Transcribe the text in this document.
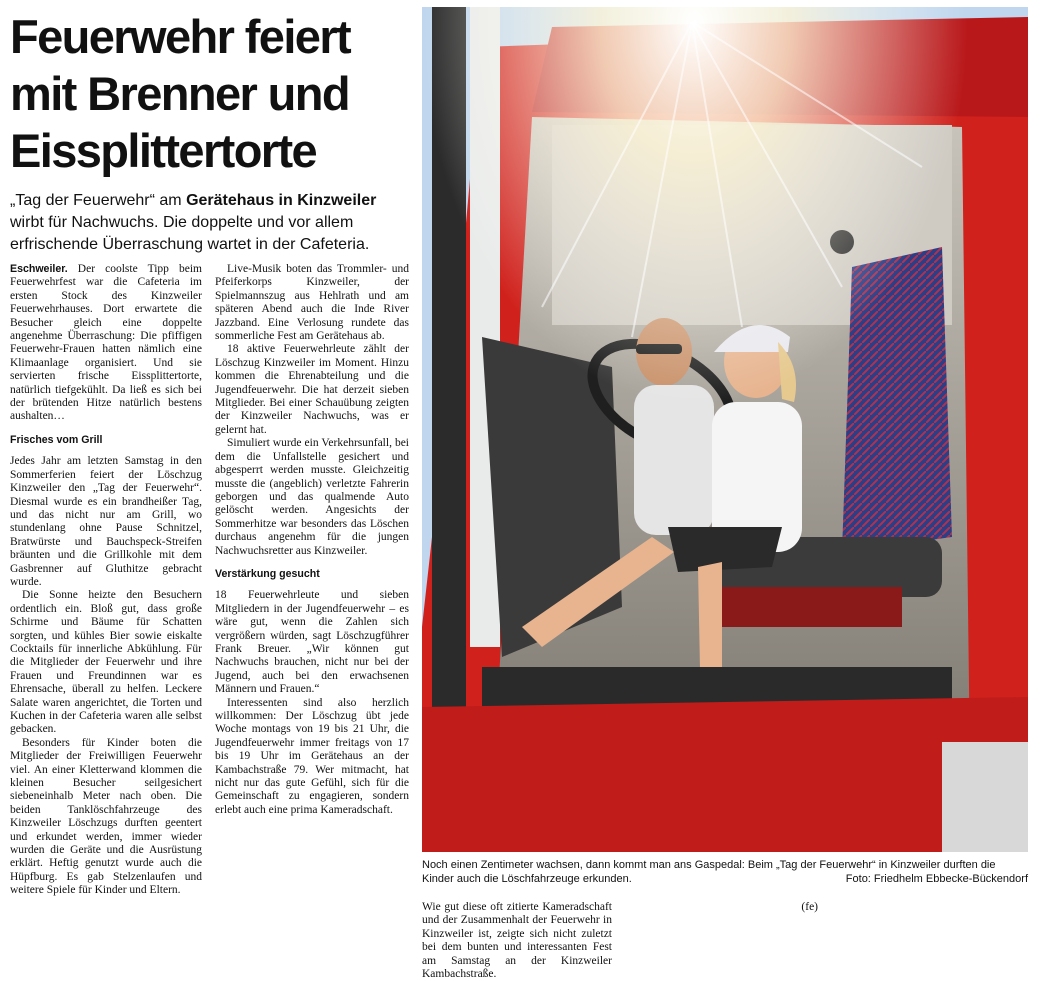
Feuerwehr feiert
mit Brenner und
Eissplittertorte

„Tag der Feuerwehr“ am Gerätehaus in Kinzweiler wirbt für Nachwuchs. Die doppelte und vor allem erfrischende Überraschung wartet in der Cafeteria.

Eschweiler. Der coolste Tipp beim Feuerwehrfest war die Cafeteria im ersten Stock des Kinzweiler Feuerwehrhauses. Dort erwartete die Besucher gleich eine doppelte angenehme Überraschung: Die pfiffigen Feuerwehr-Frauen hatten nämlich eine Klimaanlage organisiert. Und sie servierten frische Eissplittertorte, natürlich tiefgekühlt. Da ließ es sich bei der brütenden Hitze natürlich bestens aushalten…

Frisches vom Grill

Jedes Jahr am letzten Samstag in den Sommerferien feiert der Löschzug Kinzweiler den „Tag der Feuerwehr“. Diesmal wurde es ein brandheißer Tag, und das nicht nur am Grill, wo stundenlang ohne Pause Schnitzel, Bratwürste und Bauchspeck-Streifen bräunten und die Grillkohle mit dem Gasbrenner auf Gluthitze gebracht wurde.

Die Sonne heizte den Besuchern ordentlich ein. Bloß gut, dass große Schirme und Bäume für Schatten sorgten, und kühles Bier sowie eiskalte Cocktails für innerliche Abkühlung. Für die Mitglieder der Feuerwehr und ihre Frauen und Freundinnen war es Ehrensache, überall zu helfen. Leckere Salate waren angerichtet, die Torten und Kuchen in der Cafeteria waren alle selbst gebacken.

Besonders für Kinder boten die Mitglieder der Freiwilligen Feuerwehr viel. An einer Kletterwand klommen die kleinen Besucher seilgesichert siebeneinhalb Meter nach oben. Die beiden Tanklöschfahrzeuge des Kinzweiler Löschzugs durften geentert und erkundet werden, immer wieder wurden die Geräte und die Ausrüstung erklärt. Heftig genutzt wurde auch die Hüpfburg. Es gab Stelzenlaufen und weitere Spiele für Kinder und Eltern.

Live-Musik boten das Trommler- und Pfeiferkorps Kinzweiler, der Spielmannszug aus Hehlrath und am späteren Abend auch die Inde River Jazzband. Eine Verlosung rundete das sommerliche Fest am Gerätehaus ab.

18 aktive Feuerwehrleute zählt der Löschzug Kinzweiler im Moment. Hinzu kommen die Ehrenabteilung und die Jugendfeuerwehr. Die hat derzeit sieben Mitglieder. Bei einer Schauübung zeigten der Kinzweiler Nachwuchs, was er gelernt hat.

Simuliert wurde ein Verkehrsunfall, bei dem die Unfallstelle gesichert und abgesperrt werden musste. Gleichzeitig musste die (angeblich) verletzte Fahrerin geborgen und das qualmende Auto gelöscht werden. Angesichts der Sommerhitze war besonders das Löschen durchaus angenehm für die jungen Nachwuchsretter aus Kinzweiler.

Verstärkung gesucht

18 Feuerwehrleute und sieben Mitgliedern in der Jugendfeuerwehr – es wäre gut, wenn die Zahlen sich vergrößern würden, sagt Löschzugführer Frank Breuer. „Wir können gut Nachwuchs brauchen, nicht nur bei der Jugend, auch bei den erwachsenen Männern und Frauen.“

Interessenten sind also herzlich willkommen: Der Löschzug übt jede Woche montags von 19 bis 21 Uhr, die Jugendfeuerwehr immer freitags von 17 bis 19 Uhr im Gerätehaus an der Kambachstraße 79. Wer mitmacht, hat nicht nur das gute Gefühl, sich für die Gemeinschaft zu engagieren, sondern erlebt auch eine prima Kameradschaft.

Noch einen Zentimeter wachsen, dann kommt man ans Gaspedal: Beim „Tag der Feuerwehr“ in Kinzweiler durften die Kinder auch die Löschfahrzeuge erkunden.	Foto: Friedhelm Ebbecke-Bückendorf

Wie gut diese oft zitierte Kameradschaft und der Zusammenhalt der Feuerwehr in Kinzweiler ist, zeigte sich nicht zuletzt bei dem bunten und interessanten Fest am Samstag an der Kinzweiler Kambachstraße.

(fe)
